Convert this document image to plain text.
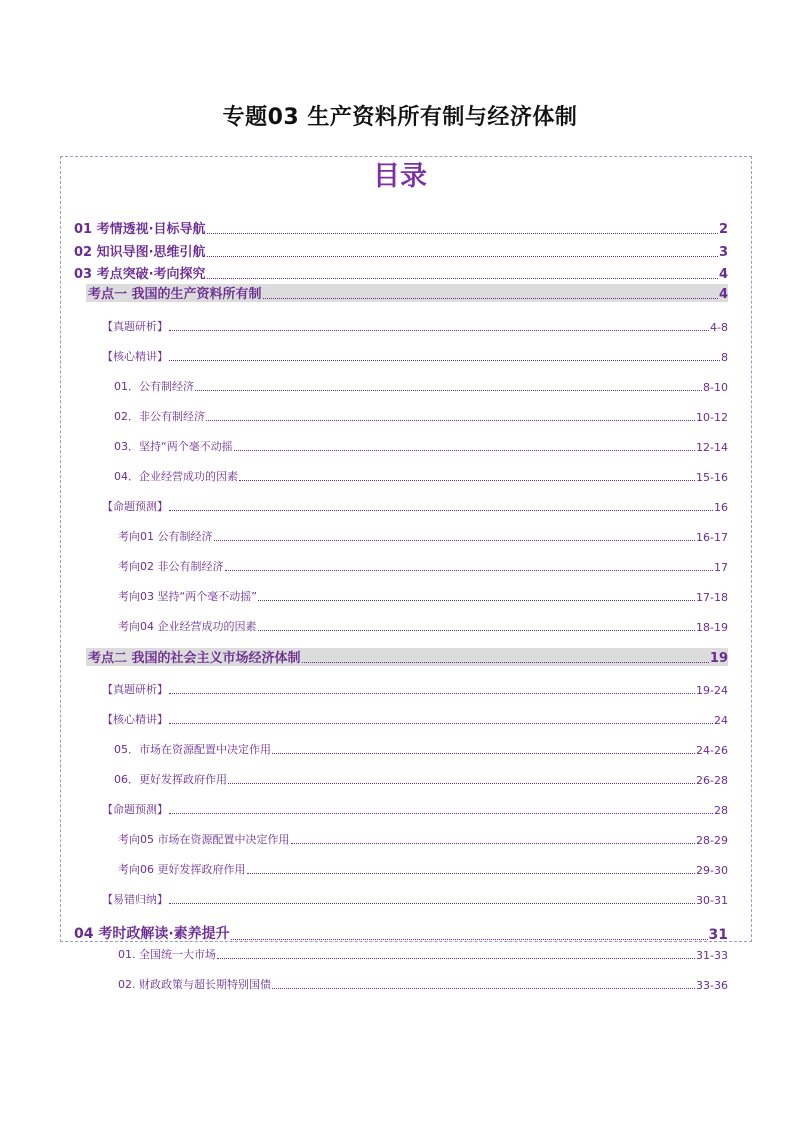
专题03 生产资料所有制与经济体制
目录
01 考情透视·目标导航	2
02 知识导图·思维引航	3
03 考点突破·考向探究	4
考点一 我国的生产资料所有制	4
【真题研析】	4-8
【核心精讲】	8
01．公有制经济	8-10
02．非公有制经济	10-12
03．坚持“两个毫不动摇	12-14
04．企业经营成功的因素	15-16
【命题预测】	16
考向01 公有制经济	16-17
考向02 非公有制经济	17
考向03 坚持“两个毫不动摇”	17-18
考向04 企业经营成功的因素	18-19
考点二 我国的社会主义市场经济体制	19
【真题研析】	19-24
【核心精讲】	24
05．市场在资源配置中决定作用	24-26
06．更好发挥政府作用	26-28
【命题预测】	28
考向05 市场在资源配置中决定作用	28-29
考向06 更好发挥政府作用	29-30
【易错归纳】	30-31
04 考时政解读·素养提升	31
01. 全国统一大市场	31-33
02. 财政政策与超长期特别国债	33-36
